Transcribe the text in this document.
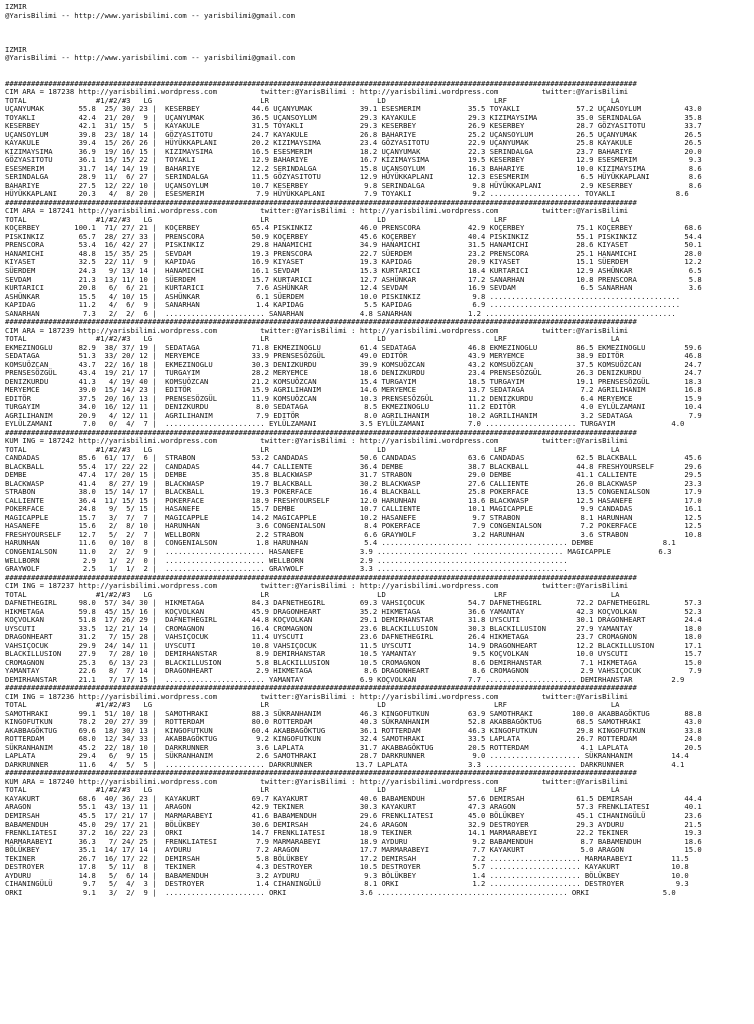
IZMIR
@YarisBilimi -- http://www.yarisbilimi.com -- yarisbilimi@gmail.com

IZMIR
@YarisBilimi -- http://www.yarisbilimi.com -- yarisbilimi@gmail.com

##################################################################################################################################################
CIM ARA = 187238 http://yarisbilimi.wordpress.com          twitter:@YarisBilimi : http://yarisbilimi.wordpress.com          twitter:@YarisBilimi
TOTAL                #1/#2/#3   LG                         LR                         LD                         LRF                        LA
UÇANYUMAK        55.8  25/ 30/ 23 |  KESERBEY            44.6 UÇANYUMAK           39.1 ESESMERIM           35.5 TOYAKLI             57.2 UÇANSOYLUM          43.0
TOYAKLI          42.4  21/ 20/  9 |  UÇANYUMAK           36.5 UÇANSOYLUM          29.3 KAYAKULE            29.3 KIZIMAYSIMA         35.0 SERINDALGA          35.8
KESERBEY         42.1  31/ 15/  5 |  KAYAKULE            31.5 TOYAKLI             29.3 KESERBEY            26.9 KESERBEY            28.7 GÖZYASITOTU         33.7
UÇANSOYLUM       39.8  23/ 18/ 14 |  GÖZYASITOTU         24.7 KAYAKULE            26.8 BAHARIYE            25.2 UÇANSOYLUM          26.5 UÇANYUMAK           26.5
KAYAKULE         39.4  15/ 26/ 26 |  HÜYÜKKAPLANI        20.2 KIZIMAYSIMA         23.4 GÖZYASITOTU         22.9 UÇANYUMAK           25.8 KAYAKULE            26.5
KIZIMAYSIMA      36.9  19/ 16/ 15 |  KIZIMAYSIMA         16.5 ESESMERIM           18.2 UÇANYUMAK           22.3 SERINDALGA          23.7 BAHARIYE            20.0
GÖZYASITOTU      36.1  15/ 15/ 22 |  TOYAKLI             12.9 BAHARIYE            16.7 KIZIMAYSIMA         19.5 KESERBEY            12.9 ESESMERIM            9.3
ESESMERIM        31.7  14/ 14/ 19 |  BAHARIYE            12.2 SERINDALGA          15.8 UÇANSOYLUM          16.3 BAHARIYE            10.0 KIZIMAYSIMA          8.6
SERINDALGA       28.9  11/  6/ 27 |  SERINDALGA          11.5 GÖZYASITOTU         12.9 HÜYÜKKAPLANI        12.3 ESESMERIM            6.5 HÜYÜKKAPLANI         8.6
BAHARIYE         27.5  12/ 22/ 10 |  UÇANSOYLUM          10.7 KESERBEY             9.8 SERINDALGA           9.8 HÜYÜKKAPLANI         2.9 KESERBEY             8.6
HÜYÜKKAPLANI     20.3   4/  8/ 20 |  ESESMERIM            7.9 HÜYÜKKAPLANI         7.9 TOYAKLI              9.2 ..................... TOYAKLI              8.6
##################################################################################################################################################
CIM ARA = 187241 http://yarisbilimi.wordpress.com          twitter:@YarisBilimi : http://yarisbilimi.wordpress.com          twitter:@YarisBilimi
TOTAL                #1/#2/#3   LG                         LR                         LD                         LRF                        LA
KOÇERBEY        100.1  71/ 27/ 21 |  KOÇERBEY            65.4 PISKINKIZ           46.0 PRENSCORA           42.9 KOÇERBEY            75.1 KOÇERBEY            68.6
PISKINKIZ        65.7  28/ 27/ 33 |  PRENSCORA           50.9 KOÇERBEY            45.6 KOÇERBEY            40.4 PISKINKIZ           55.1 PISKINKIZ           54.4
PRENSCORA        53.4  16/ 42/ 27 |  PISKINKIZ           29.8 HANAMICHI           34.9 HANAMICHI           31.5 HANAMICHI           28.6 KIYASET             50.1
HANAMICHI        48.8  15/ 35/ 25 |  SEVDAM              19.3 PRENSCORA           22.7 SÜERDEM             23.2 PRENSCORA           25.1 HANAMICHI           28.0
KIYASET          32.5  22/ 11/  9 |  KAPIDAG             16.9 KIYASET             19.3 KAPIDAG             20.9 KIYASET             15.1 SÜERDEM             12.2
SÜERDEM          24.3   9/ 13/ 14 |  HANAMICHI           16.1 SEVDAM              15.3 KURTARICI           18.4 KURTARICI           12.9 ASHÜNKAR             6.5
SEVDAM           21.3  13/ 11/ 10 |  SÜERDEM             15.7 KURTARICI           12.7 ASHÜNKAR            17.2 SANARHAN            10.8 PRENSCORA            5.8
KURTARICI        20.8   6/  6/ 21 |  KURTARICI            7.6 ASHÜNKAR            12.4 SEVDAM              16.9 SEVDAM               6.5 SANARHAN             3.6
ASHÜNKAR         15.5   4/ 10/ 15 |  ASHÜNKAR             6.1 SÜERDEM             10.0 PISKINKIZ            9.8 ............................................
KAPIDAG          11.2   4/  6/  9 |  SANARHAN             1.4 KAPIDAG              5.5 KAPIDAG              6.9 ............................................
SANARHAN          7.3   2/  2/  6 |  ....................... SANARHAN             4.8 SANARHAN             1.2 ............................................
##################################################################################################################################################
CIM ARA = 187239 http://yarisbilimi.wordpress.com          twitter:@YarisBilimi : http://yarisbilimi.wordpress.com          twitter:@YarisBilimi
TOTAL                #1/#2/#3   LG                         LR                         LD                         LRF                        LA
EKMEZINOGLU      82.9  38/ 37/ 19 |  SEDATAGA            71.8 EKMEZINOGLU         61.4 SEDATAGA            46.8 EKMEZINOGLU         86.5 EKMEZINOGLU         59.6
SEDATAGA         51.3  33/ 20/ 12 |  MERYEMCE            33.9 PRENSESÖZGÜL        49.0 EDITÖR              43.9 MERYEMCE            38.9 EDITÖR              46.8
KOMSUÖZCAN       43.7  22/ 16/ 18 |  EKMEZINOGLU         30.3 DENIZKURDU          39.9 KOMSUÖZCAN          43.2 KOMSUÖZCAN          37.5 KOMSUÖZCAN          24.7
PRENSESÖZGÜL     43.4  19/ 21/ 17 |  TURGAYIM            28.2 MERYEMCE            18.6 DENIZKURDU          23.4 PRENSESÖZGÜL        26.3 DENIZKURDU          24.7
DENIZKURDU       41.3   4/ 19/ 40 |  KOMSUÖZCAN          21.2 KOMSUÖZCAN          15.4 TURGAYIM            18.5 TURGAYIM            19.1 PRENSESÖZGÜL        18.3
MERYEMCE         39.0  15/ 14/ 23 |  EDITÖR              15.9 AGRILIHANIM         14.6 MERYEMCE            13.7 SEDATAGA             7.2 AGRILIHANIM         16.8
EDITÖR           37.5  20/ 16/ 13 |  PRENSESÖZGÜL        11.9 KOMSUÖZCAN          10.3 PRENSESÖZGÜL        11.2 DENIZKURDU           6.4 MERYEMCE            15.9
TURGAYIM         34.0  16/ 12/ 11 |  DENIZKURDU           8.0 SEDATAGA             8.5 EKMEZINOGLU         11.2 EDITÖR               4.0 EYLÜLZAMANI         10.4
AGRILIHANIM      20.9   4/ 12/ 11 |  AGRILIHANIM          7.9 EDITÖR               8.0 AGRILIHANIM         10.2 AGRILIHANIM          3.2 SEDATAGA             7.9
EYLÜLZAMANI       7.0   0/  4/  7 |  ....................... EYLÜLZAMANI          3.5 EYLÜLZAMANI          7.0 ..................... TURGAYIM             4.0
##################################################################################################################################################
KUM ING = 187242 http://yarisbilimi.wordpress.com          twitter:@YarisBilimi : http://yarisbilimi.wordpress.com          twitter:@YarisBilimi
TOTAL                #1/#2/#3   LG                         LR                         LD                         LRF                        LA
CANDADAS         85.6  61/ 17/  6 |  STRABON             53.2 CANDADAS            50.6 CANDADAS            63.6 CANDADAS            62.5 BLACKBALL           45.6
BLACKBALL        55.4  17/ 22/ 22 |  CANDADAS            44.7 CALLIENTE           36.4 DEMBE               38.7 BLACKBALL           44.8 FRESHYOURSELF       29.6
DEMBE            47.4  17/ 20/ 15 |  DEMBE               35.8 BLACKWASP           31.7 STRABON             29.0 DEMBE               41.1 CALLIENTE           29.5
BLACKWASP        41.4   8/ 27/ 19 |  BLACKWASP           19.7 BLACKBALL           30.2 BLACKWASP           27.6 CALLIENTE           26.0 BLACKWASP           23.3
STRABON          38.0  15/ 14/ 17 |  BLACKBALL           19.3 POKERFACE           16.4 BLACKBALL           25.8 POKERFACE           13.5 CONGENIALSON        17.9
CALLIENTE        36.4  11/ 15/ 15 |  POKERFACE           18.9 FRESHYOURSELF       12.0 HARUNHAN            13.6 BLACKWASP           12.5 HASANEFE            17.0
POKERFACE        24.8   9/  5/ 15 |  HASANEFE            15.7 DEMBE               10.7 CALLIENTE           10.1 MAGICAPPLE           9.9 CANDADAS            16.1
MAGICAPPLE       15.7   3/  7/  7 |  MAGICAPPLE          14.2 MAGICAPPLE          10.2 HASANEFE             9.7 STRABON              8.1 HARUNHAN            12.5
HASANEFE         15.6   2/  8/ 10 |  HARUNHAN             3.6 CONGENIALSON         8.4 POKERFACE            7.9 CONGENIALSON         7.2 POKERFACE           12.5
FRESHYOURSELF    12.7   5/  2/  7 |  WELLBORN             2.2 STRABON              6.6 GRAYWOLF             3.2 HARUNHAN             3.6 STRABON             10.8
HARUNHAN         11.6   0/ 10/  8 |  CONGENIALSON         1.8 HARUNHAN             5.4 ..................... ..................... DEMBE                8.1
CONGENIALSON     11.0   2/  2/  9 |  ....................... HASANEFE             3.9 ..................... ..................... MAGICAPPLE           6.3
WELLBORN          2.9   1/  2/  0 |  ....................... WELLBORN             2.9 ............................................
GRAYWOLF          2.5   1/  1/  2 |  ....................... GRAYWOLF             3.3 ............................................
##################################################################################################################################################
CIM ING = 187237 http://yarisbilimi.wordpress.com          twitter:@YarisBilimi : http://yarisbilimi.wordpress.com          twitter:@YarisBilimi
TOTAL                #1/#2/#3   LG                         LR                         LD                         LRF                        LA
DAFNETHEGIRL     98.0  57/ 34/ 30 |  HIKMETAGA           84.3 DAFNETHEGIRL        69.3 VAHSIÇOCUK          54.7 DAFNETHEGIRL        72.2 DAFNETHEGIRL        57.3
HIKMETAGA        59.8  45/ 15/ 16 |  KOÇVOLKAN           45.9 DRAGONHEART         35.2 HIKMETAGA           36.6 YAMANTAY            42.3 KOÇVOLKAN           52.3
KOÇVOLKAN        51.8  17/ 26/ 29 |  DAFNETHEGIRL        44.8 KOÇVOLKAN           29.1 DEMIRHANSTAR        31.8 UYSCUTI             30.1 DRAGONHEART         24.4
UYSCUTI          33.5  12/ 21/ 14 |  CROMAGNON           16.4 CROMAGNON           23.6 BLACKILLUSION       30.3 BLACKILLUSION       27.9 YAMANTAY            18.0
DRAGONHEART      31.2   7/ 15/ 28 |  VAHSIÇOCUK          11.4 UYSCUTI             23.6 DAFNETHEGIRL        26.4 HIKMETAGA           23.7 CROMAGNON           18.0
VAHSIÇOCUK       29.9  24/ 14/ 11 |  UYSCUTI             10.8 VAHSIÇOCUK          11.5 UYSCUTI             14.9 DRAGONHEART         12.2 BLACKILLUSION       17.1
BLACKILLUSION    27.9   7/ 28/ 10 |  DEMIRHANSTAR         8.9 DEMIRHANSTAR        10.5 YAMANTAY             9.5 KOÇVOLKAN           10.0 UYSCUTI             15.7
CROMAGNON        25.3   6/ 13/ 23 |  BLACKILLUSION        5.8 BLACKILLUSION       10.5 CROMAGNON            8.6 DEMIRHANSTAR         7.1 HIKMETAGA           15.0
YAMANTAY         22.6   8/  7/ 14 |  DRAGONHEART          2.9 HIKMETAGA            8.6 DRAGONHEART          8.6 CROMAGNON            2.9 VAHSIÇOCUK           7.9
DEMIRHANSTAR     21.1   7/ 17/ 15 |  ....................... YAMANTAY             6.9 KOÇVOLKAN            7.7 ..................... DEMIRHANSTAR         2.9
##################################################################################################################################################
CIM ING = 187236 http://yarisbilimi.wordpress.com          twitter:@YarisBilimi : http://yarisbilimi.wordpress.com          twitter:@YarisBilimi
TOTAL                #1/#2/#3   LG                         LR                         LD                         LRF                        LA
SAMOTHRAKI       99.1  51/ 10/ 18 |  SAMOTHRAKI          88.3 SÜKRANHANIM         46.3 KINGOFUTKUN         63.9 SAMOTHRAKI         100.0 AKABBAGÖKTUG        88.8
KINGOFUTKUN      78.2  20/ 27/ 39 |  ROTTERDAM           80.0 ROTTERDAM           40.3 SÜKRANHANIM         52.8 AKABBAGÖKTUG        68.5 SAMOTHRAKI          43.0
AKABBAGÖKTUG     69.6  18/ 30/ 13 |  KINGOFUTKUN         60.4 AKABBAGÖKTUG        36.1 ROTTERDAM           46.3 KINGOFUTKUN         29.8 KINGOFUTKUN         33.8
ROTTERDAM        68.0  12/ 34/ 33 |  AKABBAGÖKTUG         9.2 KINGOFUTKUN         32.4 SAMOTHRAKI          33.5 LAPLATA             26.7 ROTTERDAM           24.0
SÜKRANHANIM      45.2  22/ 18/ 10 |  DARKRUNNER           3.6 LAPLATA             31.7 AKABBAGÖKTUG        20.5 ROTTERDAM            4.1 LAPLATA             20.5
LAPLATA          29.4   6/  9/ 15 |  SÜKRANHANIM          2.6 SAMOTHRAKI          28.7 DARKRUNNER           9.0 ..................... SÜKRANHANIM         14.4
DARKRUNNER       11.6   4/  5/  5 |  ....................... DARKRUNNER          13.7 LAPLATA              3.3 ..................... DARKRUNNER           4.1
##################################################################################################################################################
KUM ARA = 187240 http://yarisbilimi.wordpress.com          twitter:@YarisBilimi : http://yarisbilimi.wordpress.com          twitter:@YarisBilimi
TOTAL                #1/#2/#3   LG                         LR                         LD                         LRF                        LA
KAYAKURT         68.6  40/ 36/ 23 |  KAYAKURT            69.7 KAYAKURT            40.6 BABAMENDUH          57.6 DEMIRSAH            61.5 DEMIRSAH            44.4
ARAGON           55.1  43/ 13/ 11 |  ARAGON              42.9 TEKINER             30.3 KAYAKURT            47.3 ARAGON              57.3 FRENKLIATESI        40.1
DEMIRSAH         45.5  17/ 21/ 17 |  MARMARABEYI         41.6 BABAMENDUH          29.6 FRENKLIATESI        45.0 BÖLÜKBEY            45.1 CIHANINGÜLÜ         23.6
BABAMENDUH       45.0  29/ 17/ 21 |  BÖLÜKBEY            30.6 DEMIRSAH            24.6 ARAGON              32.9 DESTROYER           29.3 AYDURU              21.5
FRENKLIATESI     37.2  16/ 22/ 23 |  ORKI                14.7 FRENKLIATESI        18.9 TEKINER             14.1 MARMARABEYI         22.2 TEKINER             19.3
MARMARABEYI      36.3   7/ 24/ 25 |  FRENKLIATESI         7.9 MARMARABEYI         18.9 AYDURU               9.2 BABAMENDUH           8.7 BABAMENDUH          18.6
BÖLÜKBEY         35.1  14/ 17/ 14 |  AYDURU               7.2 ARAGON              17.7 MARMARABEYI          7.7 KAYAKURT             5.0 ARAGON              15.0
TEKINER          26.7  16/ 17/ 22 |  DEMIRSAH             5.8 BÖLÜKBEY            17.2 DEMIRSAH             7.2 ..................... MARMARABEYI         11.5
DESTROYER        17.8   5/ 11/  8 |  TEKINER              4.3 DESTROYER           10.5 DESTROYER            5.7 ..................... KAYAKURT            10.8
AYDURU           14.8   5/  6/ 14 |  BABAMENDUH           3.2 AYDURU               9.3 BÖLÜKBEY             1.4 ..................... BÖLÜKBEY            10.0
CIHANINGÜLÜ       9.7   5/  4/  3 |  DESTROYER            1.4 CIHANINGÜLÜ          8.1 ORKI                 1.2 ..................... DESTROYER            9.3
ORKI              9.1   3/  2/  9 |  ....................... ORKI                 3.6 ............................................ ORKI                 5.0
